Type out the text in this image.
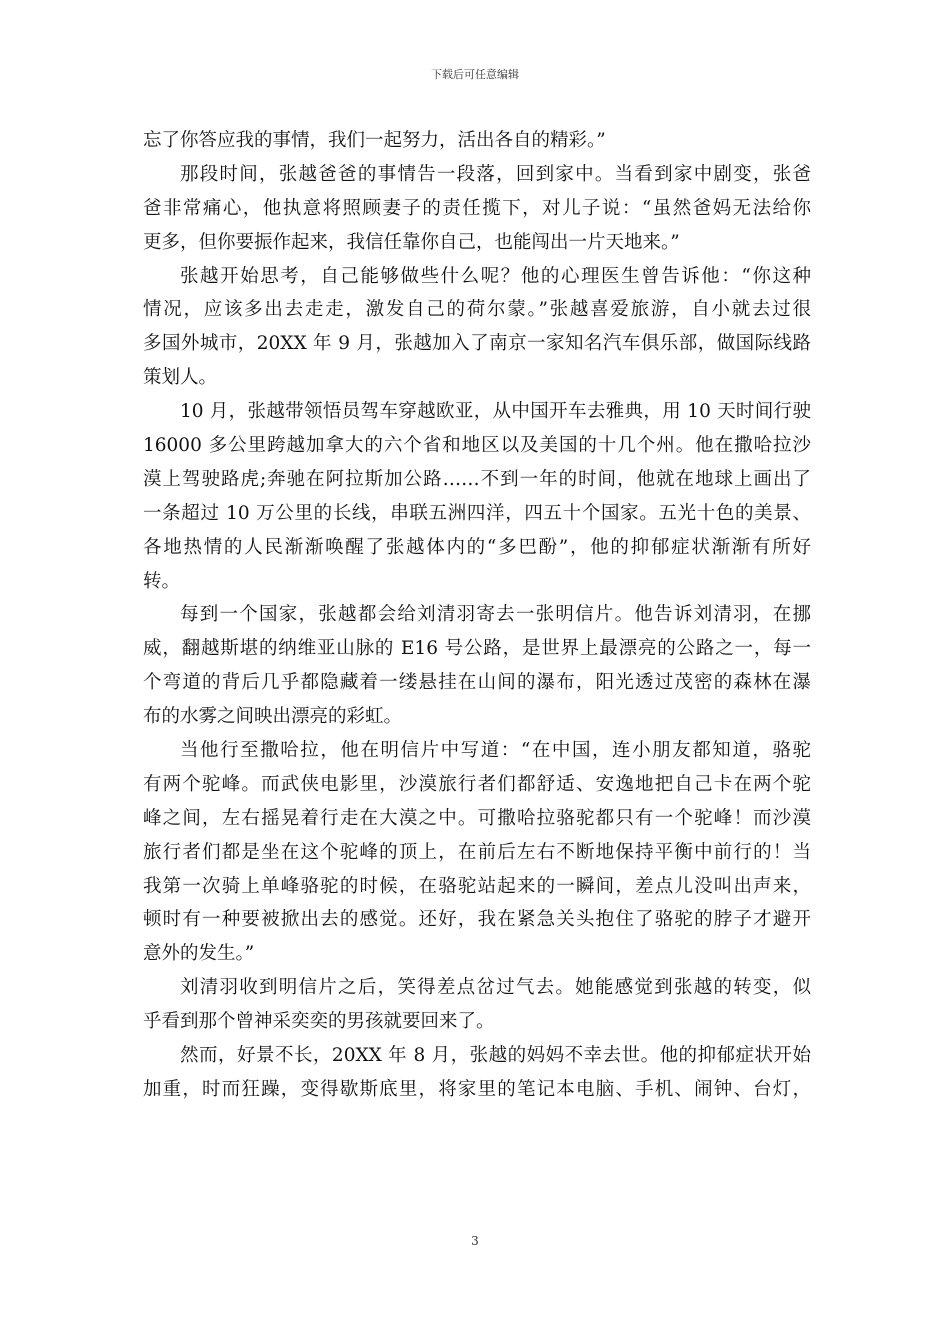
下载后可任意编辑
忘了你答应我的事情，我们一起努力，活出各自的精彩。”
那段时间，张越爸爸的事情告一段落，回到家中。当看到家中剧变，张爸
爸非常痛心，他执意将照顾妻子的责任揽下，对儿子说：“虽然爸妈无法给你
更多，但你要振作起来，我信任靠你自己，也能闯出一片天地来。”
张越开始思考，自己能够做些什么呢？他的心理医生曾告诉他：“你这种
情况，应该多出去走走，激发自己的荷尔蒙。”张越喜爱旅游，自小就去过很
多国外城市，20XX 年 9 月，张越加入了南京一家知名汽车俱乐部，做国际线路
策划人。
10 月，张越带领悟员驾车穿越欧亚，从中国开车去雅典，用 10 天时间行驶
16000 多公里跨越加拿大的六个省和地区以及美国的十几个州。他在撒哈拉沙
漠上驾驶路虎;奔驰在阿拉斯加公路……不到一年的时间，他就在地球上画出了
一条超过 10 万公里的长线，串联五洲四洋，四五十个国家。五光十色的美景、
各地热情的人民渐渐唤醒了张越体内的“多巴酚”，他的抑郁症状渐渐有所好
转。
每到一个国家，张越都会给刘清羽寄去一张明信片。他告诉刘清羽，在挪
威，翻越斯堪的纳维亚山脉的 E16 号公路，是世界上最漂亮的公路之一，每一
个弯道的背后几乎都隐藏着一缕悬挂在山间的瀑布，阳光透过茂密的森林在瀑
布的水雾之间映出漂亮的彩虹。
当他行至撒哈拉，他在明信片中写道：“在中国，连小朋友都知道，骆驼
有两个驼峰。而武侠电影里，沙漠旅行者们都舒适、安逸地把自己卡在两个驼
峰之间，左右摇晃着行走在大漠之中。可撒哈拉骆驼都只有一个驼峰！而沙漠
旅行者们都是坐在这个驼峰的顶上，在前后左右不断地保持平衡中前行的！当
我第一次骑上单峰骆驼的时候，在骆驼站起来的一瞬间，差点儿没叫出声来，
顿时有一种要被掀出去的感觉。还好，我在紧急关头抱住了骆驼的脖子才避开
意外的发生。”
刘清羽收到明信片之后，笑得差点岔过气去。她能感觉到张越的转变，似
乎看到那个曾神采奕奕的男孩就要回来了。
然而，好景不长，20XX 年 8 月，张越的妈妈不幸去世。他的抑郁症状开始
加重，时而狂躁，变得歇斯底里，将家里的笔记本电脑、手机、闹钟、台灯，
3
